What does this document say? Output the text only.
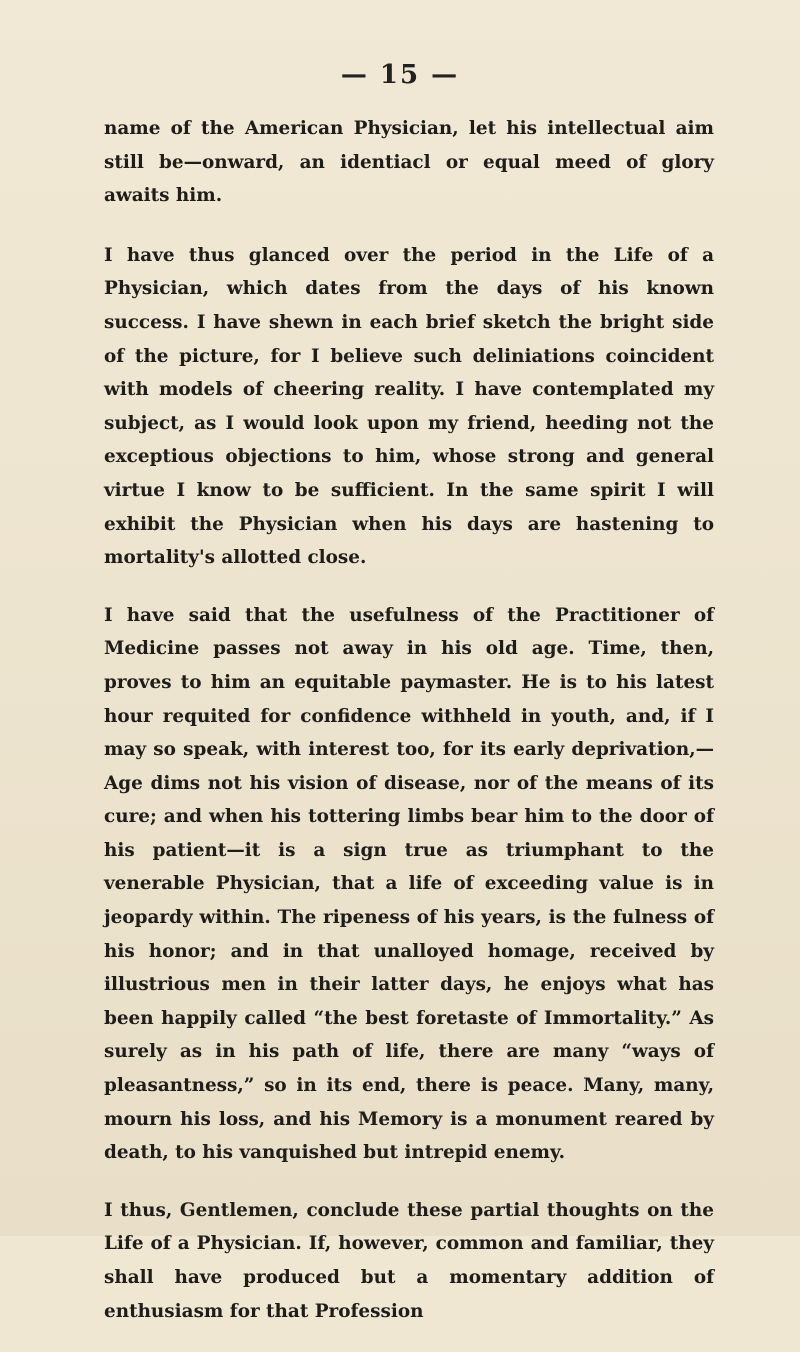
— 15 —

name of the American Physician, let his intellectual aim still be—onward, an identiacl or equal meed of glory awaits him.

I have thus glanced over the period in the Life of a Physician, which dates from the days of his known success. I have shewn in each brief sketch the bright side of the picture, for I believe such deliniations coincident with models of cheering reality. I have contemplated my subject, as I would look upon my friend, heeding not the exceptious objections to him, whose strong and general virtue I know to be sufficient. In the same spirit I will exhibit the Physician when his days are hastening to mortality's allotted close.

I have said that the usefulness of the Practitioner of Medicine passes not away in his old age. Time, then, proves to him an equitable paymaster. He is to his latest hour requited for confidence withheld in youth, and, if I may so speak, with interest too, for its early deprivation,—Age dims not his vision of disease, nor of the means of its cure; and when his tottering limbs bear him to the door of his patient—it is a sign true as triumphant to the venerable Physician, that a life of exceeding value is in jeopardy within. The ripeness of his years, is the fulness of his honor; and in that unalloyed homage, received by illustrious men in their latter days, he enjoys what has been happily called “the best foretaste of Immortality.” As surely as in his path of life, there are many “ways of pleasantness,” so in its end, there is peace. Many, many, mourn his loss, and his Memory is a monument reared by death, to his vanquished but intrepid enemy.

I thus, Gentlemen, conclude these partial thoughts on the Life of a Physician. If, however, common and familiar, they shall have produced but a momentary addition of enthusiasm for that Profession
